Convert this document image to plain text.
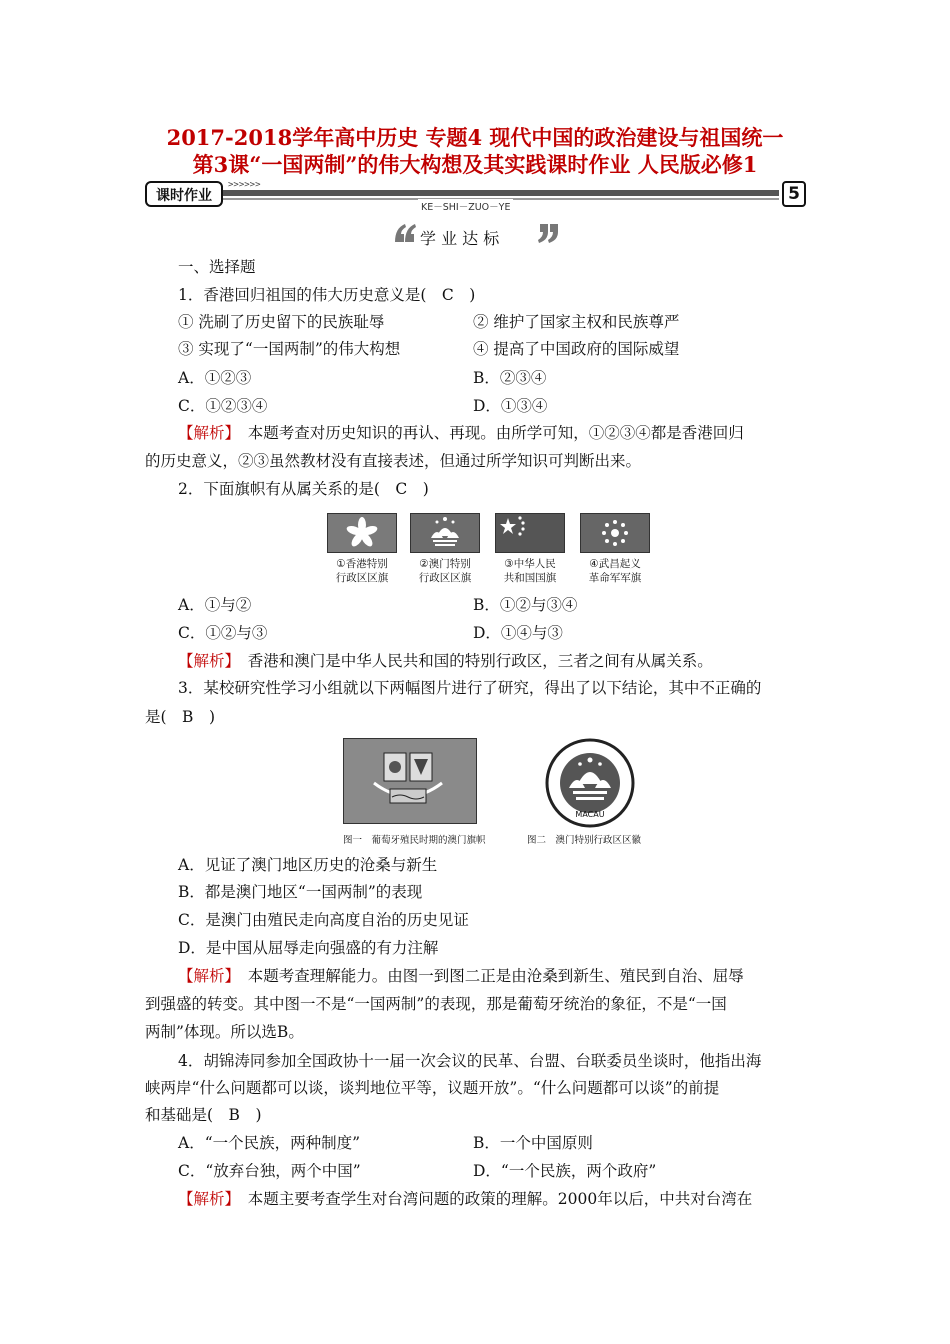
2017-2018学年高中历史 专题4 现代中国的政治建设与祖国统一
第3课“一国两制”的伟大构想及其实践课时作业 人民版必修1
课时作业
>>>>>>
KE－SHI－ZUO－YE
5
学 业 达 标
一、选择题
1．香港回归祖国的伟大历史意义是(　C　)
① 洗刷了历史留下的民族耻辱	② 维护了国家主权和民族尊严
③ 实现了“一国两制”的伟大构想	④ 提高了中国政府的国际威望
A．①②③	B．②③④
C．①②③④	D．①③④
【解析】　本题考查对历史知识的再认、再现。由所学可知，①②③④都是香港回归
的历史意义，②③虽然教材没有直接表述，但通过所学知识可判断出来。
2．下面旗帜有从属关系的是(　C　)
①香港特别
行政区区旗
②澳门特别
行政区区旗
③中华人民
共和国国旗
④武昌起义
革命军军旗
A．①与②	B．①②与③④
C．①②与③	D．①④与③
【解析】　香港和澳门是中华人民共和国的特别行政区，三者之间有从属关系。
3．某校研究性学习小组就以下两幅图片进行了研究，得出了以下结论，其中不正确的
是(　B　)
MACAU
图一　葡萄牙殖民时期的澳门旗帜	图二　澳门特别行政区区徽
A．见证了澳门地区历史的沧桑与新生
B．都是澳门地区“一国两制”的表现
C．是澳门由殖民走向高度自治的历史见证
D．是中国从屈辱走向强盛的有力注解
【解析】　本题考查理解能力。由图一到图二正是由沧桑到新生、殖民到自治、屈辱
到强盛的转变。其中图一不是“一国两制”的表现，那是葡萄牙统治的象征，不是“一国
两制”体现。所以选B。
4．胡锦涛同参加全国政协十一届一次会议的民革、台盟、台联委员坐谈时，他指出海
峡两岸“什么问题都可以谈，谈判地位平等，议题开放”。“什么问题都可以谈”的前提
和基础是(　B　)
A．“一个民族，两种制度”	B．一个中国原则
C．“放弃台独，两个中国”	D．“一个民族，两个政府”
【解析】　本题主要考查学生对台湾问题的政策的理解。2000年以后，中共对台湾在
